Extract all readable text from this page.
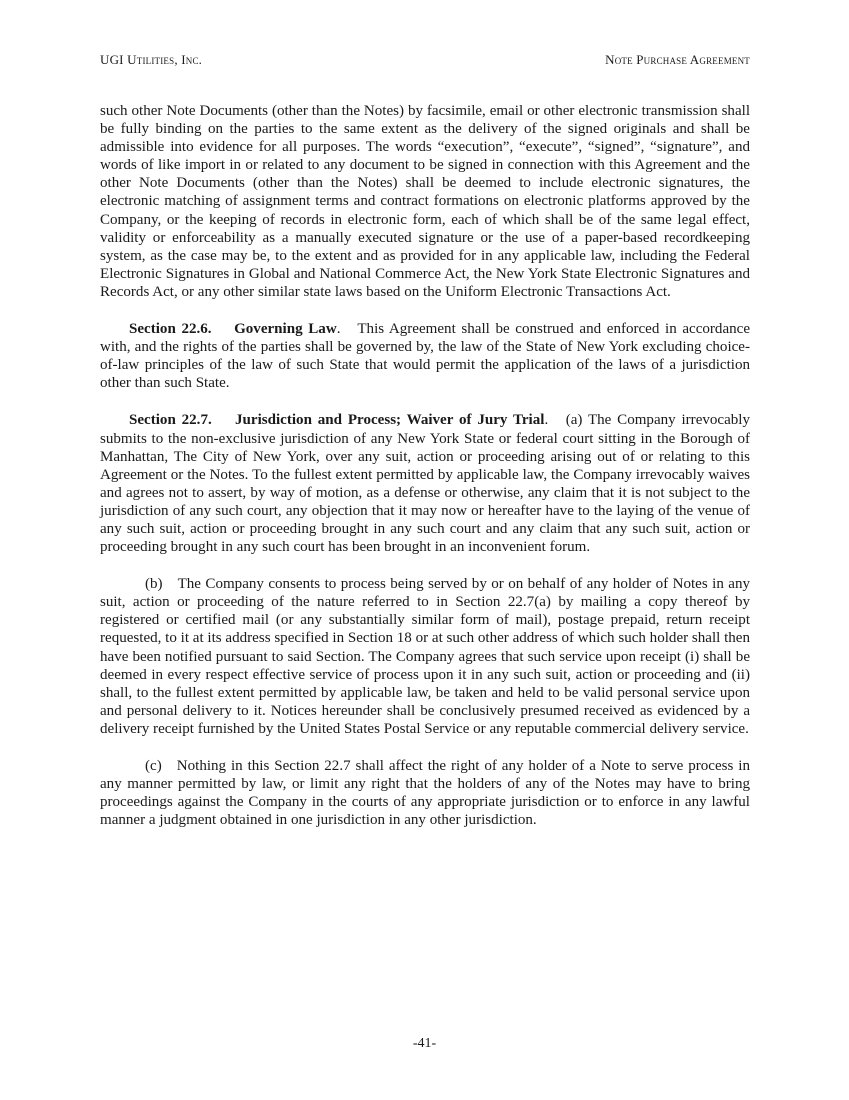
UGI Utilities, Inc.	Note Purchase Agreement

such other Note Documents (other than the Notes) by facsimile, email or other electronic transmission shall be fully binding on the parties to the same extent as the delivery of the signed originals and shall be admissible into evidence for all purposes. The words “execution”, “execute”, “signed”, “signature”, and words of like import in or related to any document to be signed in connection with this Agreement and the other Note Documents (other than the Notes) shall be deemed to include electronic signatures, the electronic matching of assignment terms and contract formations on electronic platforms approved by the Company, or the keeping of records in electronic form, each of which shall be of the same legal effect, validity or enforceability as a manually executed signature or the use of a paper-based recordkeeping system, as the case may be, to the extent and as provided for in any applicable law, including the Federal Electronic Signatures in Global and National Commerce Act, the New York State Electronic Signatures and Records Act, or any other similar state laws based on the Uniform Electronic Transactions Act.

Section 22.6. Governing Law.   This Agreement shall be construed and enforced in accordance with, and the rights of the parties shall be governed by, the law of the State of New York excluding choice-of-law principles of the law of such State that would permit the application of the laws of a jurisdiction other than such State.

Section 22.7. Jurisdiction and Process; Waiver of Jury Trial.   (a) The Company irrevocably submits to the non-exclusive jurisdiction of any New York State or federal court sitting in the Borough of Manhattan, The City of New York, over any suit, action or proceeding arising out of or relating to this Agreement or the Notes. To the fullest extent permitted by applicable law, the Company irrevocably waives and agrees not to assert, by way of motion, as a defense or otherwise, any claim that it is not subject to the jurisdiction of any such court, any objection that it may now or hereafter have to the laying of the venue of any such suit, action or proceeding brought in any such court and any claim that any such suit, action or proceeding brought in any such court has been brought in an inconvenient forum.

(b) The Company consents to process being served by or on behalf of any holder of Notes in any suit, action or proceeding of the nature referred to in Section 22.7(a) by mailing a copy thereof by registered or certified mail (or any substantially similar form of mail), postage prepaid, return receipt requested, to it at its address specified in Section 18 or at such other address of which such holder shall then have been notified pursuant to said Section. The Company agrees that such service upon receipt (i) shall be deemed in every respect effective service of process upon it in any such suit, action or proceeding and (ii) shall, to the fullest extent permitted by applicable law, be taken and held to be valid personal service upon and personal delivery to it. Notices hereunder shall be conclusively presumed received as evidenced by a delivery receipt furnished by the United States Postal Service or any reputable commercial delivery service.

(c) Nothing in this Section 22.7 shall affect the right of any holder of a Note to serve process in any manner permitted by law, or limit any right that the holders of any of the Notes may have to bring proceedings against the Company in the courts of any appropriate jurisdiction or to enforce in any lawful manner a judgment obtained in one jurisdiction in any other jurisdiction.

-41-
